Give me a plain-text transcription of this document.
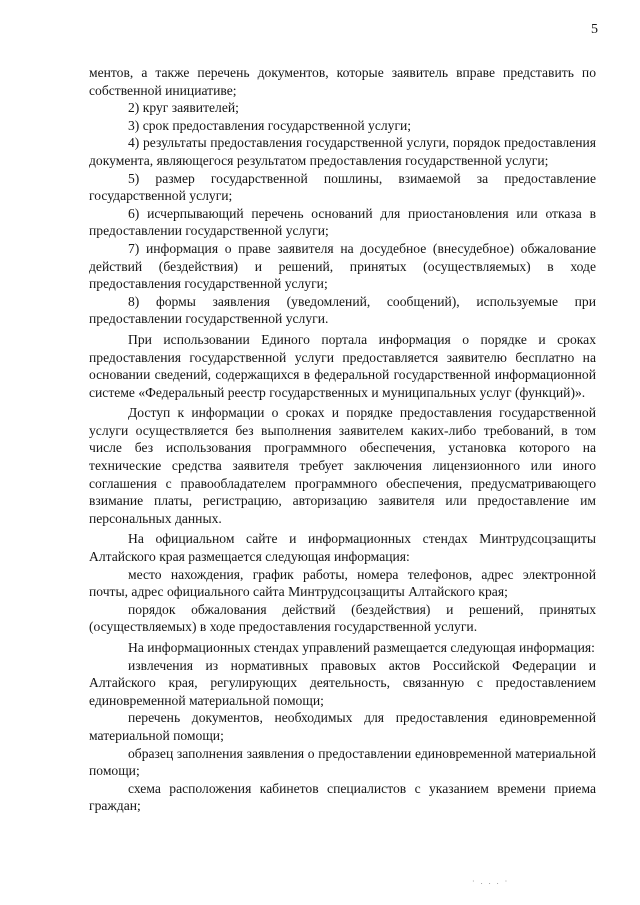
5

ментов, а также перечень документов, которые заявитель вправе представить по собственной инициативе;

2) круг заявителей;

3) срок предоставления государственной услуги;

4) результаты предоставления государственной услуги, порядок предоставления документа, являющегося результатом предоставления государственной услуги;

5) размер государственной пошлины, взимаемой за предоставление государственной услуги;

6) исчерпывающий перечень оснований для приостановления или отказа в предоставлении государственной услуги;

7) информация о праве заявителя на досудебное (внесудебное) обжалование действий (бездействия) и решений, принятых (осуществляемых) в ходе предоставления государственной услуги;

8) формы заявления (уведомлений, сообщений), используемые при предоставлении государственной услуги.

При использовании Единого портала информация о порядке и сроках предоставления государственной услуги предоставляется заявителю бесплатно на основании сведений, содержащихся в федеральной государственной информационной системе «Федеральный реестр государственных и муниципальных услуг (функций)».

Доступ к информации о сроках и порядке предоставления государственной услуги осуществляется без выполнения заявителем каких-либо требований, в том числе без использования программного обеспечения, установка которого на технические средства заявителя требует заключения лицензионного или иного соглашения с правообладателем программного обеспечения, предусматривающего взимание платы, регистрацию, авторизацию заявителя или предоставление им персональных данных.

На официальном сайте и информационных стендах Минтрудсоцзащиты Алтайского края размещается следующая информация:

место нахождения, график работы, номера телефонов, адрес электронной почты, адрес официального сайта Минтрудсоцзащиты Алтайского края;

порядок обжалования действий (бездействия) и решений, принятых (осуществляемых) в ходе предоставления государственной услуги.

На информационных стендах управлений размещается следующая информация:

извлечения из нормативных правовых актов Российской Федерации и Алтайского края, регулирующих деятельность, связанную с предоставлением единовременной материальной помощи;

перечень документов, необходимых для предоставления единовременной материальной помощи;

образец заполнения заявления о предоставлении единовременной материальной помощи;

схема расположения кабинетов специалистов с указанием времени приема граждан;

· . . . ·
